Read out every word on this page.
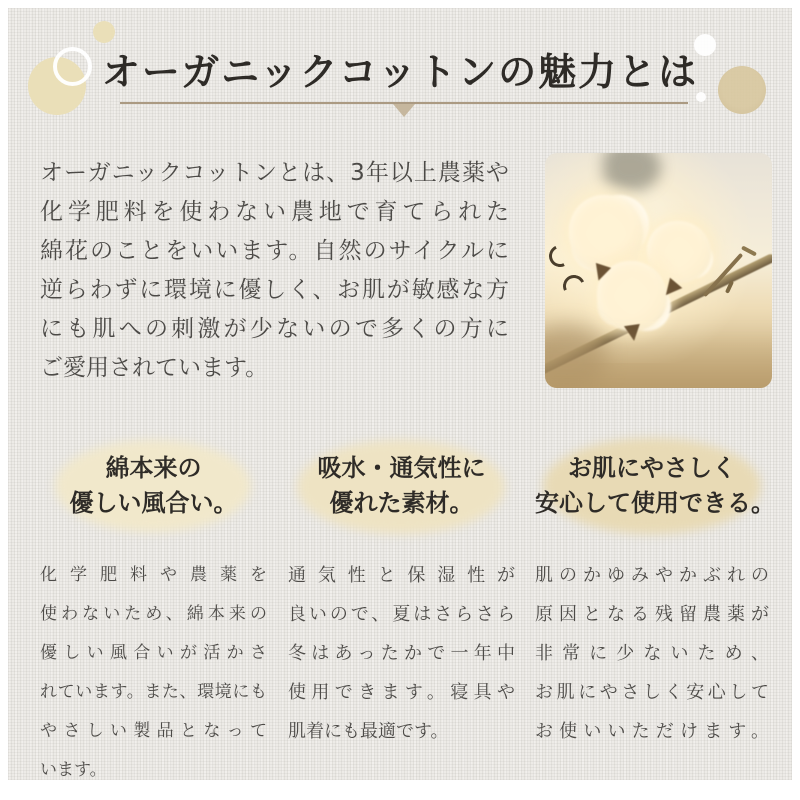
オーガニックコットンの魅力とは
オーガニックコットンとは、3年以上農薬や
化学肥料を使わない農地で育てられた
綿花のことをいいます。自然のサイクルに
逆らわずに環境に優しく、お肌が敏感な方
にも肌への刺激が少ないので多くの方に
ご愛用されています。
綿本来の
優しい風合い。
化学肥料や農薬を
使わないため、綿本来の
優しい風合いが活かさ
れています。また、環境にも
やさしい製品となって
います。
吸水・通気性に
優れた素材。
通気性と保湿性が
良いので、夏はさらさら
冬はあったかで一年中
使用できます。寝具や
肌着にも最適です。
お肌にやさしく
安心して使用できる。
肌のかゆみやかぶれの
原因となる残留農薬が
非常に少ないため、
お肌にやさしく安心して
お使いいただけます。
